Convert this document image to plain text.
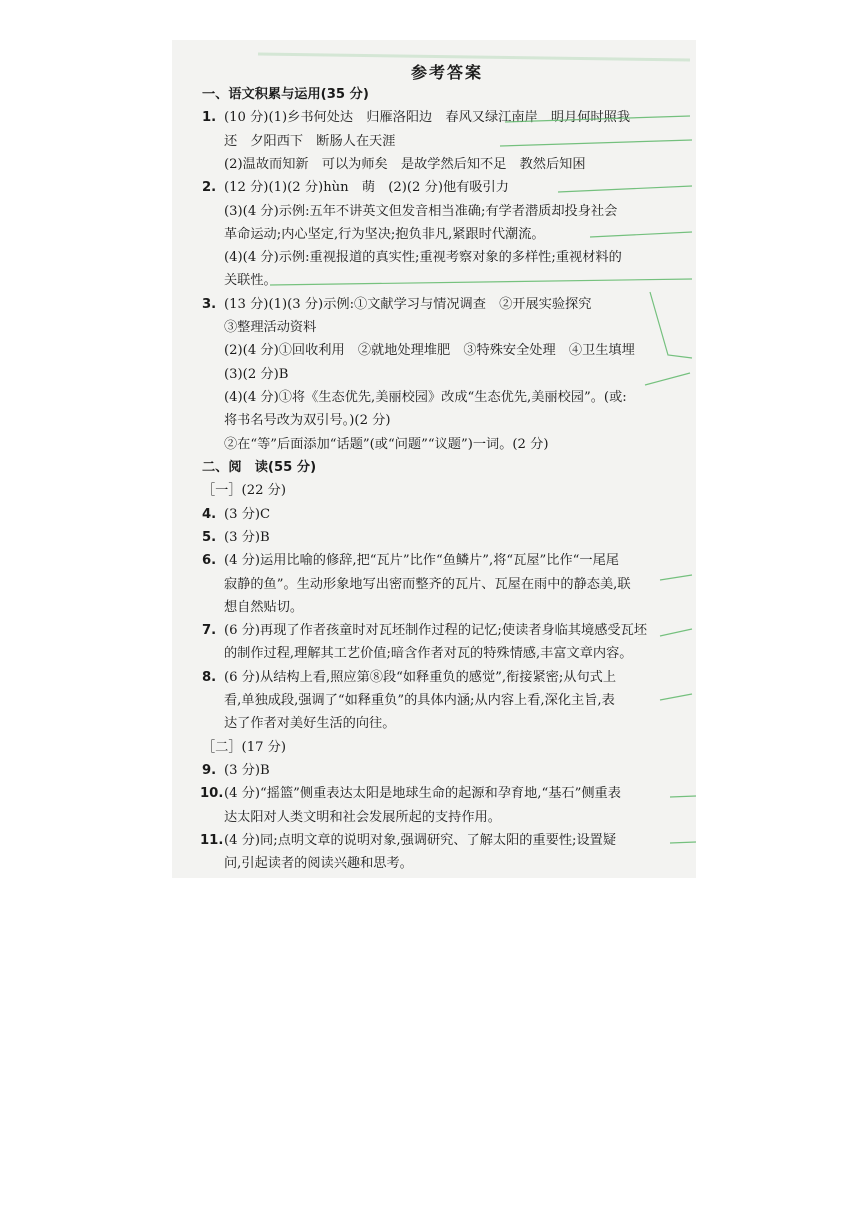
参考答案
一、语文积累与运用(35 分)
1. (10 分)(1)乡书何处达　归雁洛阳边　春风又绿江南岸　明月何时照我
还　夕阳西下　断肠人在天涯
(2)温故而知新　可以为师矣　是故学然后知不足　教然后知困
2. (12 分)(1)(2 分)hùn　萌　(2)(2 分)他有吸引力
(3)(4 分)示例:五年不讲英文但发音相当准确;有学者潜质却投身社会
革命运动;内心坚定,行为坚决;抱负非凡,紧跟时代潮流。
(4)(4 分)示例:重视报道的真实性;重视考察对象的多样性;重视材料的
关联性。
3. (13 分)(1)(3 分)示例:①文献学习与情况调查　②开展实验探究
③整理活动资料
(2)(4 分)①回收利用　②就地处理堆肥　③特殊安全处理　④卫生填埋
(3)(2 分)B
(4)(4 分)①将《生态优先,美丽校园》改成“生态优先,美丽校园”。(或:
将书名号改为双引号。)(2 分)
②在“等”后面添加“话题”(或“问题”“议题”)一词。(2 分)
二、阅　读(55 分)
［一］(22 分)
4. (3 分)C
5. (3 分)B
6. (4 分)运用比喻的修辞,把“瓦片”比作“鱼鳞片”,将“瓦屋”比作“一尾尾
寂静的鱼”。生动形象地写出密而整齐的瓦片、瓦屋在雨中的静态美,联
想自然贴切。
7. (6 分)再现了作者孩童时对瓦坯制作过程的记忆;使读者身临其境感受瓦坯
的制作过程,理解其工艺价值;暗含作者对瓦的特殊情感,丰富文章内容。
8. (6 分)从结构上看,照应第⑧段“如释重负的感觉”,衔接紧密;从句式上
看,单独成段,强调了“如释重负”的具体内涵;从内容上看,深化主旨,表
达了作者对美好生活的向往。
［二］(17 分)
9. (3 分)B
10.(4 分)“摇篮”侧重表达太阳是地球生命的起源和孕育地,“基石”侧重表
达太阳对人类文明和社会发展所起的支持作用。
11.(4 分)同;点明文章的说明对象,强调研究、了解太阳的重要性;设置疑
问,引起读者的阅读兴趣和思考。
